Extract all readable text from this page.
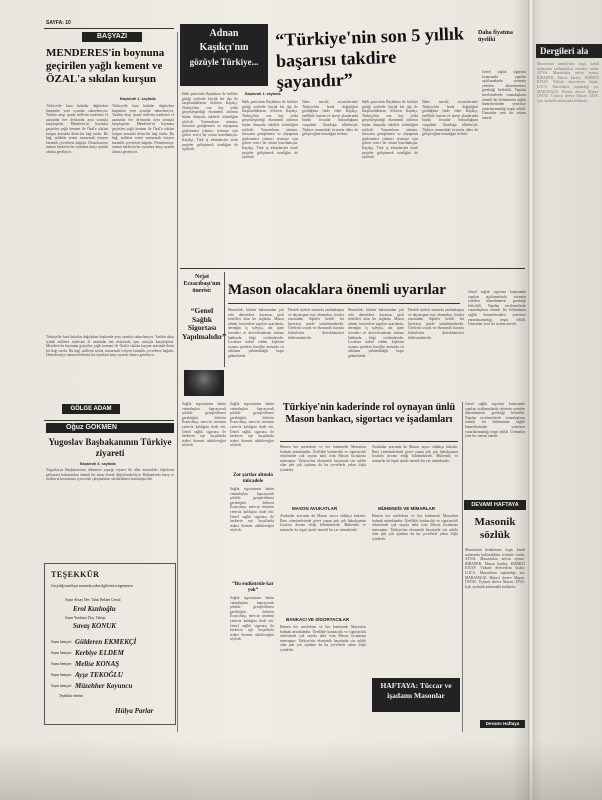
SAYFA: 10
BAŞYAZI
MENDERES'in boynuna geçirilen yağlı kement ve ÖZAL'a sıkılan kurşun
Baştarafı 1. sayfada
Türkiye'de kara bulutlar dağılırken başkentte yeni oyunlar sahneleniyor. Tarihin akışı içinde milletin iradesine el uzatanlar her defasında aynı sonuçla karşılaştılar. Menderes'in boynuna geçirilen yağlı kement ile Özal'a sıkılan kurşun arasında derin bir bağ vardır. Bu bağ, milletin sesini susturmak isteyen karanlık çevrelerin bağıdır. Demokrasiye inanan herkesin bu oyunlara karşı uyanık olması gerekiyor.
Türkiye'de kara bulutlar dağılırken başkentte yeni oyunlar sahneleniyor. Tarihin akışı içinde milletin iradesine el uzatanlar her defasında aynı sonuçla karşılaştılar. Menderes'in boynuna geçirilen yağlı kement ile Özal'a sıkılan kurşun arasında derin bir bağ vardır. Bu bağ, milletin sesini susturmak isteyen karanlık çevrelerin bağıdır. Demokrasiye inanan herkesin bu oyunlara karşı uyanık olması gerekiyor.
Türkiye'de kara bulutlar dağılırken başkentte yeni oyunlar sahneleniyor. Tarihin akışı içinde milletin iradesine el uzatanlar her defasında aynı sonuçla karşılaştılar. Menderes'in boynuna geçirilen yağlı kement ile Özal'a sıkılan kurşun arasında derin bir bağ vardır. Bu bağ, milletin sesini susturmak isteyen karanlık çevrelerin bağıdır. Demokrasiye inanan herkesin bu oyunlara karşı uyanık olması gerekiyor.
GÖLGE ADAM
Oğuz GÖKMEN
Yugoslav Başbakanının Türkiye ziyareti
Baştarafı 3. sayfada
Yugoslavya Başbakanı'nın ülkemize yaptığı ziyaret iki ülke arasındaki ilişkilerin gelişmesi bakımından önemli bir adım olarak değerlendiriliyor. Balkanlarda barış ve istikrarın korunması için ortak çalışmaların sürdürülmesi kararlaştırıldı.
TEŞEKKÜR
Geçirdiği ameliyat sırasında yakın ilgilerini esirgemeyen
Sayın Ahsay Dev. Tahsi Beklen Cemal
Erol Kızılıoğlu
Sayın Yardımcı Doç. Taksip
Savaş KONUK
Sayın hemşire Gülderen EKMEKÇİ
Sayın hemşire Kerbiye ELDEM
Sayın hemşire Melise KONAŞ
Sayın hemşire Ayşe TEKOĞLU
Sayın hemşire Müzehher Koyuncu
Teşekkür ederim
Hülya Parlar
Adnan
Kaşıkçı'nın
gözüyle Türkiye...
“Türkiye'nin son 5 yıllık başarısı takdire şayandır”
Daha fiyatına
üyeliki
Baştarafı 1. sayfada
Halk partisinin Başbakan ile birlikte gittiği yerlerde büyük bir ilgi ile karşılandıklarını belirten Kaşıkçı, Türkiye'nin son beş yılda gerçekleştirdiği ekonomik atılımın bütün dünyada takdirle izlendiğini söyledi. Yatırımların artması, ihracatın genişlemesi ve altyapının güçlenmesi yabancı sermaye için güven verici bir ortam hazırlamıştır. Kaşıkçı, Türk iş adamlarıyla ortak projeler geliştirmek istediğini de açıkladı.
Halk partisinin Başbakan ile birlikte gittiği yerlerde büyük bir ilgi ile karşılandıklarını belirten Kaşıkçı, Türkiye'nin son beş yılda gerçekleştirdiği ekonomik atılımın bütün dünyada takdirle izlendiğini söyledi. Yatırımların artması, ihracatın genişlemesi ve altyapının güçlenmesi yabancı sermaye için güven verici bir ortam hazırlamıştır. Kaşıkçı, Türk iş adamlarıyla ortak projeler geliştirmek istediğini de açıkladı.
Daha önceki ziyaretlerinde Türkiye'nin hızla değiştiğini gördüğünü ifade eden Kaşıkçı, özellikle turizm ve enerji alanlarında büyük fırsatlar bulunduğunu vurguladı. Ortadoğu ülkeleriyle Türkiye arasındaki ticaretin daha da gelişeceğine inandığını belirtti.
Halk partisinin Başbakan ile birlikte gittiği yerlerde büyük bir ilgi ile karşılandıklarını belirten Kaşıkçı, Türkiye'nin son beş yılda gerçekleştirdiği ekonomik atılımın bütün dünyada takdirle izlendiğini söyledi. Yatırımların artması, ihracatın genişlemesi ve altyapının güçlenmesi yabancı sermaye için güven verici bir ortam hazırlamıştır. Kaşıkçı, Türk iş adamlarıyla ortak projeler geliştirmek istediğini de açıkladı.
Daha önceki ziyaretlerinde Türkiye'nin hızla değiştiğini gördüğünü ifade eden Kaşıkçı, özellikle turizm ve enerji alanlarında büyük fırsatlar bulunduğunu vurguladı. Ortadoğu ülkeleriyle Türkiye arasındaki ticaretin daha da gelişeceğine inandığını belirtti.
Genel sağlık sigortası konusunda yapılan açıklamalarda sistemin yeniden düzenlenmesi gerektiği belirtildi. Yapılan incelemelerde vatandaşların önemli bir bölümünün sağlık hizmetlerinden yeterince yararlanamadığı tespit edildi. Uzmanlar yeni bir sistem önerdi.
Nejat Eczacıbaşı'nın önerisi:
“Genel Sağlık Sigortası Yapılmalıdır”
Mason olacaklara önemli uyarılar
Masonluk, kökeni bakımından çok eski dönemlere dayanan, gizli ritüelleri olan bir örgüttür. Mason olmak isteyenlere yapılan uyarılarda, derneğin iç işleyişi, ant içme törenleri ve derecelendirme sistemi hakkında bilgi verilmektedir. Localara kabul edilen kişilerin uyması gereken kurallar arasında sır saklama yükümlülüğü başta gelmektedir.
Dernek üyeleri arasında yardımlaşma ve dayanışma esas alınmakta, localar arasındaki ilişkiler belirli bir hiyerarşi içinde yürütülmektedir. Üyelerin sosyal ve ekonomik hayatta birbirlerini desteklemeleri beklenmektedir.
Masonluk, kökeni bakımından çok eski dönemlere dayanan, gizli ritüelleri olan bir örgüttür. Mason olmak isteyenlere yapılan uyarılarda, derneğin iç işleyişi, ant içme törenleri ve derecelendirme sistemi hakkında bilgi verilmektedir. Localara kabul edilen kişilerin uyması gereken kurallar arasında sır saklama yükümlülüğü başta gelmektedir.
Dernek üyeleri arasında yardımlaşma ve dayanışma esas alınmakta, localar arasındaki ilişkiler belirli bir hiyerarşi içinde yürütülmektedir. Üyelerin sosyal ve ekonomik hayatta birbirlerini desteklemeleri beklenmektedir.
Genel sağlık sigortası konusunda yapılan açıklamalarda sistemin yeniden düzenlenmesi gerektiği belirtildi. Yapılan incelemelerde vatandaşların önemli bir bölümünün sağlık hizmetlerinden yeterince yararlanamadığı tespit edildi. Uzmanlar yeni bir sistem önerdi.
Sağlık sigortasının bütün vatandaşları kapsayacak şekilde genişletilmesi gerektiğini belirten Eczacıbaşı, mevcut sistemin yetersiz kaldığını ifade etti. Genel sağlık sigortası ile herkesin eşit koşullarda tedavi hizmeti alabileceğini söyledi.
Sağlık sigortasının bütün vatandaşları kapsayacak şekilde genişletilmesi gerektiğini belirten Eczacıbaşı, mevcut sistemin yetersiz kaldığını ifade etti. Genel sağlık sigortası ile herkesin eşit koşullarda tedavi hizmeti alabileceğini söyledi.
Zor şartlar altında mücadele
Sağlık sigortasının bütün vatandaşları kapsayacak şekilde genişletilmesi gerektiğini belirten Eczacıbaşı, mevcut sistemin yetersiz kaldığını ifade etti. Genel sağlık sigortası ile herkesin eşit koşullarda tedavi hizmeti alabileceğini söyledi.
“Bu endüstride kar yok”
Sağlık sigortasının bütün vatandaşları kapsayacak şekilde genişletilmesi gerektiğini belirten Eczacıbaşı, mevcut sistemin yetersiz kaldığını ifade etti. Genel sağlık sigortası ile herkesin eşit koşullarda tedavi hizmeti alabileceğini söyledi.
Türkiye'nin kaderinde rol oynayan ünlü Mason bankacı, sigortacı ve işadamları
Hemen her meslekten ve her kademede Masonları bulmak mümkündür. Özellikle bankacılık ve sigortacılık sektöründe çok sayıda ünlü isim Mason localarına mensuptur. Türkiye'nin ekonomik hayatında söz sahibi olan pek çok işadamı da bu çevrelerle yakın ilişki içindedir.
MASON AVUKATLAR
Avukatlar arasında da Mason sayısı oldukça fazladır. Baro yönetimlerinde görev yapan pek çok hukukçunun localara devam ettiği bilinmektedir. Mühendis ve mimarlar da örgüt içinde önemli bir yer tutmaktadır.
BANKACI VE SİGORTACILAR
Hemen her meslekten ve her kademede Masonları bulmak mümkündür. Özellikle bankacılık ve sigortacılık sektöründe çok sayıda ünlü isim Mason localarına mensuptur. Türkiye'nin ekonomik hayatında söz sahibi olan pek çok işadamı da bu çevrelerle yakın ilişki içindedir.
Avukatlar arasında da Mason sayısı oldukça fazladır. Baro yönetimlerinde görev yapan pek çok hukukçunun localara devam ettiği bilinmektedir. Mühendis ve mimarlar da örgüt içinde önemli bir yer tutmaktadır.
MÜHENDİS VE MİMARLAR
Hemen her meslekten ve her kademede Masonları bulmak mümkündür. Özellikle bankacılık ve sigortacılık sektöründe çok sayıda ünlü isim Mason localarına mensuptur. Türkiye'nin ekonomik hayatında söz sahibi olan pek çok işadamı da bu çevrelerle yakın ilişki içindedir.
HAFTAYA: Tüccar ve işadamı Masonlar
Genel sağlık sigortası konusunda yapılan açıklamalarda sistemin yeniden düzenlenmesi gerektiği belirtildi. Yapılan incelemelerde vatandaşların önemli bir bölümünün sağlık hizmetlerinden yeterince yararlanamadığı tespit edildi. Uzmanlar yeni bir sistem önerdi.
DEVAMI HAFTAYA
Masonik sözlük
Masonların kendilerine özgü, kendi aralarında kullandıkları terimler vardır. AYNA: Masonlukta nefsin aynası. BİRADER: Mason kardeş. KIRMIZI KİTAP: Yüksek derecelerin kitabı. LOCA: Masonların toplandığı yer. MARANGOZ: Birinci derece Mason. ÜSTAT: Üçüncü derece Mason. ZİYA: Işık, aydınlık anlamında kullanılır.
Devamı Haftaya
Dergileri ala
Masonların kendilerine özgü, kendi aralarında kullandıkları terimler vardır. AYNA: Masonlukta nefsin aynası. BİRADER: Mason kardeş. KIRMIZI KİTAP: Yüksek derecelerin kitabı. LOCA: Masonların toplandığı yer. MARANGOZ: Birinci derece Mason. ÜSTAT: Üçüncü derece Mason. ZİYA: Işık, aydınlık anlamında kullanılır.
